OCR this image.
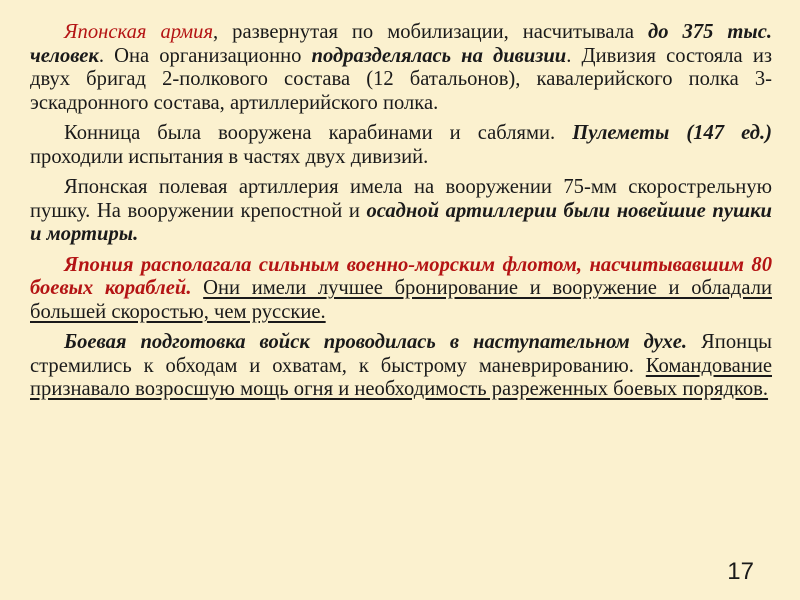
Японская армия, развернутая по мобилизации, насчитывала до 375 тыс. человек. Она организационно подразделялась на дивизии. Дивизия состояла из двух бригад 2-полкового состава (12 батальонов), кавалерийского полка 3-эскадронного состава, артиллерийского полка.

Конница была вооружена карабинами и саблями. Пулеметы (147 ед.) проходили испытания в частях двух дивизий.

Японская полевая артиллерия имела на вооружении 75-мм скорострельную пушку. На вооружении крепостной и осадной артиллерии были новейшие пушки и мортиры.

Япония располагала сильным военно-морским флотом, насчитывавшим 80 боевых кораблей. Они имели лучшее бронирование и вооружение и обладали большей скоростью, чем русские.

Боевая подготовка войск проводилась в наступательном духе. Японцы стремились к обходам и охватам, к быстрому маневрированию. Командование признавало возросшую мощь огня и необходимость разреженных боевых порядков.

17
